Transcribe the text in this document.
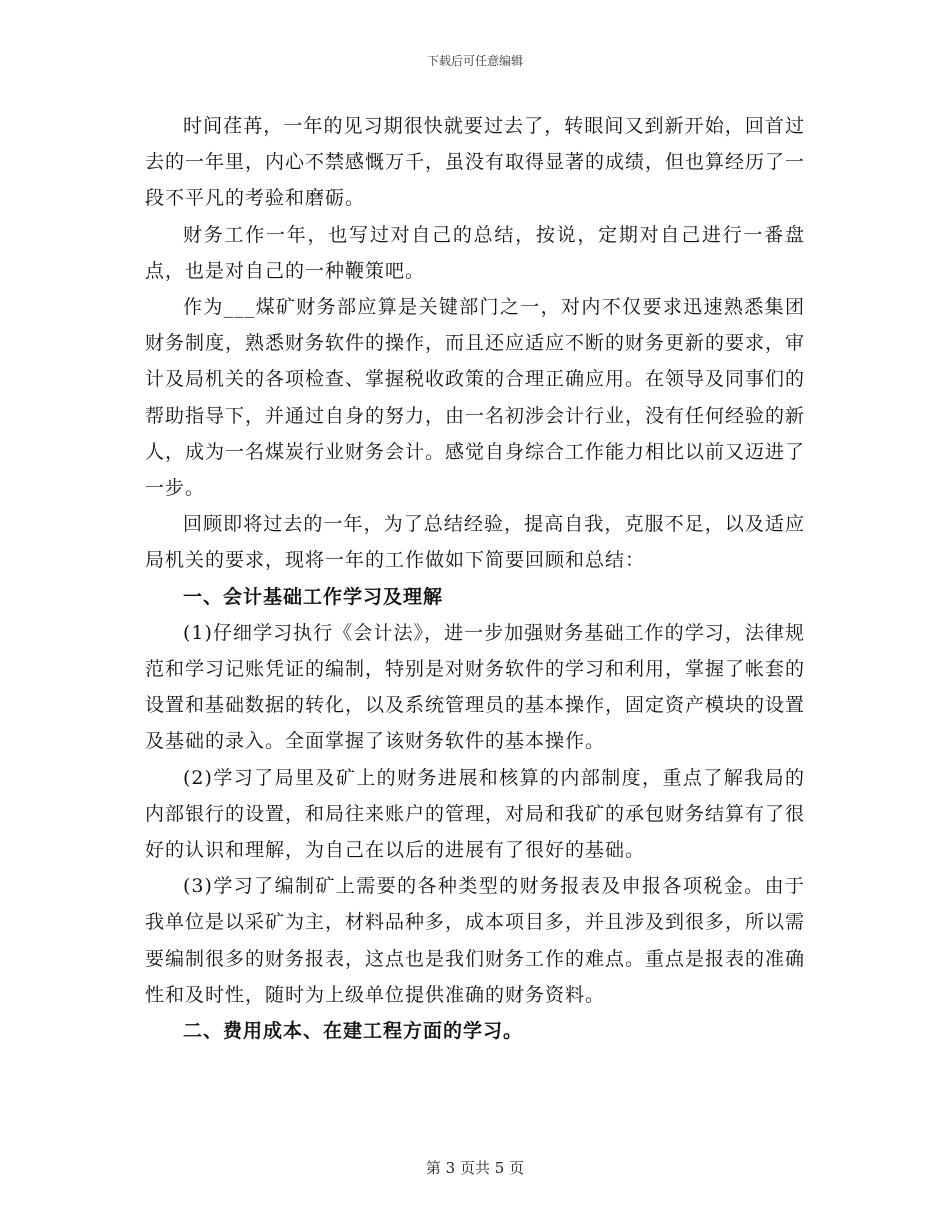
下载后可任意编辑

时间荏苒，一年的见习期很快就要过去了，转眼间又到新开始，回首过去的一年里，内心不禁感慨万千，虽没有取得显著的成绩，但也算经历了一段不平凡的考验和磨砺。

财务工作一年，也写过对自己的总结，按说，定期对自己进行一番盘点，也是对自己的一种鞭策吧。

作为___煤矿财务部应算是关键部门之一，对内不仅要求迅速熟悉集团财务制度，熟悉财务软件的操作，而且还应适应不断的财务更新的要求，审计及局机关的各项检查、掌握税收政策的合理正确应用。在领导及同事们的帮助指导下，并通过自身的努力，由一名初涉会计行业，没有任何经验的新人，成为一名煤炭行业财务会计。感觉自身综合工作能力相比以前又迈进了一步。

回顾即将过去的一年，为了总结经验，提高自我，克服不足，以及适应局机关的要求，现将一年的工作做如下简要回顾和总结：

一、会计基础工作学习及理解

(1)仔细学习执行《会计法》，进一步加强财务基础工作的学习，法律规范和学习记账凭证的编制，特别是对财务软件的学习和利用，掌握了帐套的设置和基础数据的转化，以及系统管理员的基本操作，固定资产模块的设置及基础的录入。全面掌握了该财务软件的基本操作。

(2)学习了局里及矿上的财务进展和核算的内部制度，重点了解我局的内部银行的设置，和局往来账户的管理，对局和我矿的承包财务结算有了很好的认识和理解，为自己在以后的进展有了很好的基础。

(3)学习了编制矿上需要的各种类型的财务报表及申报各项税金。由于我单位是以采矿为主，材料品种多，成本项目多，并且涉及到很多，所以需要编制很多的财务报表，这点也是我们财务工作的难点。重点是报表的准确性和及时性，随时为上级单位提供准确的财务资料。

二、费用成本、在建工程方面的学习。

第 3 页共 5 页
